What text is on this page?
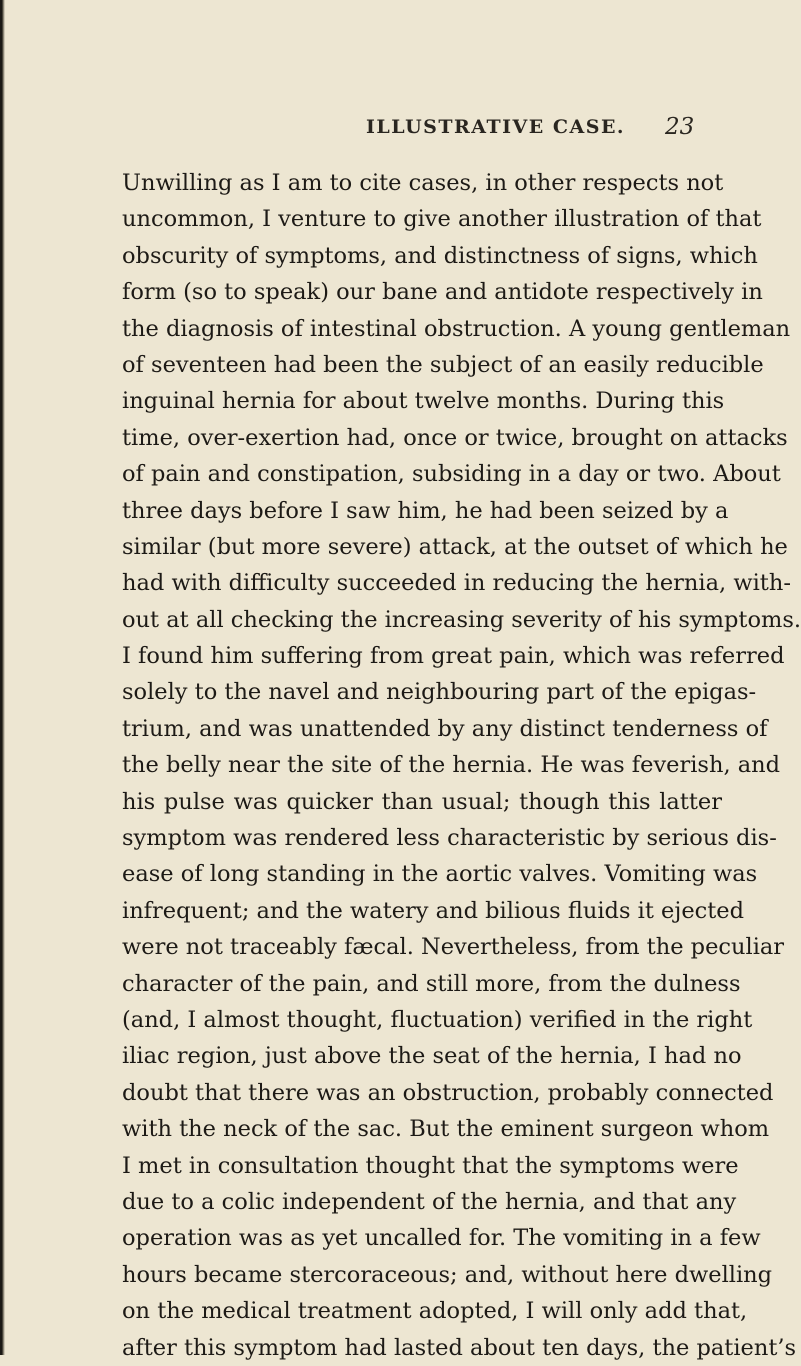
ILLUSTRATIVE CASE. 23
Unwilling as I am to cite cases, in other respects not
uncommon, I venture to give another illustration of that
obscurity of symptoms, and distinctness of signs, which
form (so to speak) our bane and antidote respectively in
the diagnosis of intestinal obstruction. A young gentleman
of seventeen had been the subject of an easily reducible
inguinal hernia for about twelve months. During this
time, over-exertion had, once or twice, brought on attacks
of pain and constipation, subsiding in a day or two. About
three days before I saw him, he had been seized by a
similar (but more severe) attack, at the outset of which he
had with difficulty succeeded in reducing the hernia, with-
out at all checking the increasing severity of his symptoms.
I found him suffering from great pain, which was referred
solely to the navel and neighbouring part of the epigas-
trium, and was unattended by any distinct tenderness of
the belly near the site of the hernia. He was feverish, and
his pulse was quicker than usual; though this latter
symptom was rendered less characteristic by serious dis-
ease of long standing in the aortic valves. Vomiting was
infrequent; and the watery and bilious fluids it ejected
were not traceably fæcal. Nevertheless, from the peculiar
character of the pain, and still more, from the dulness
(and, I almost thought, fluctuation) verified in the right
iliac region, just above the seat of the hernia, I had no
doubt that there was an obstruction, probably connected
with the neck of the sac. But the eminent surgeon whom
I met in consultation thought that the symptoms were
due to a colic independent of the hernia, and that any
operation was as yet uncalled for. The vomiting in a few
hours became stercoraceous; and, without here dwelling
on the medical treatment adopted, I will only add that,
after this symptom had lasted about ten days, the patient’s
